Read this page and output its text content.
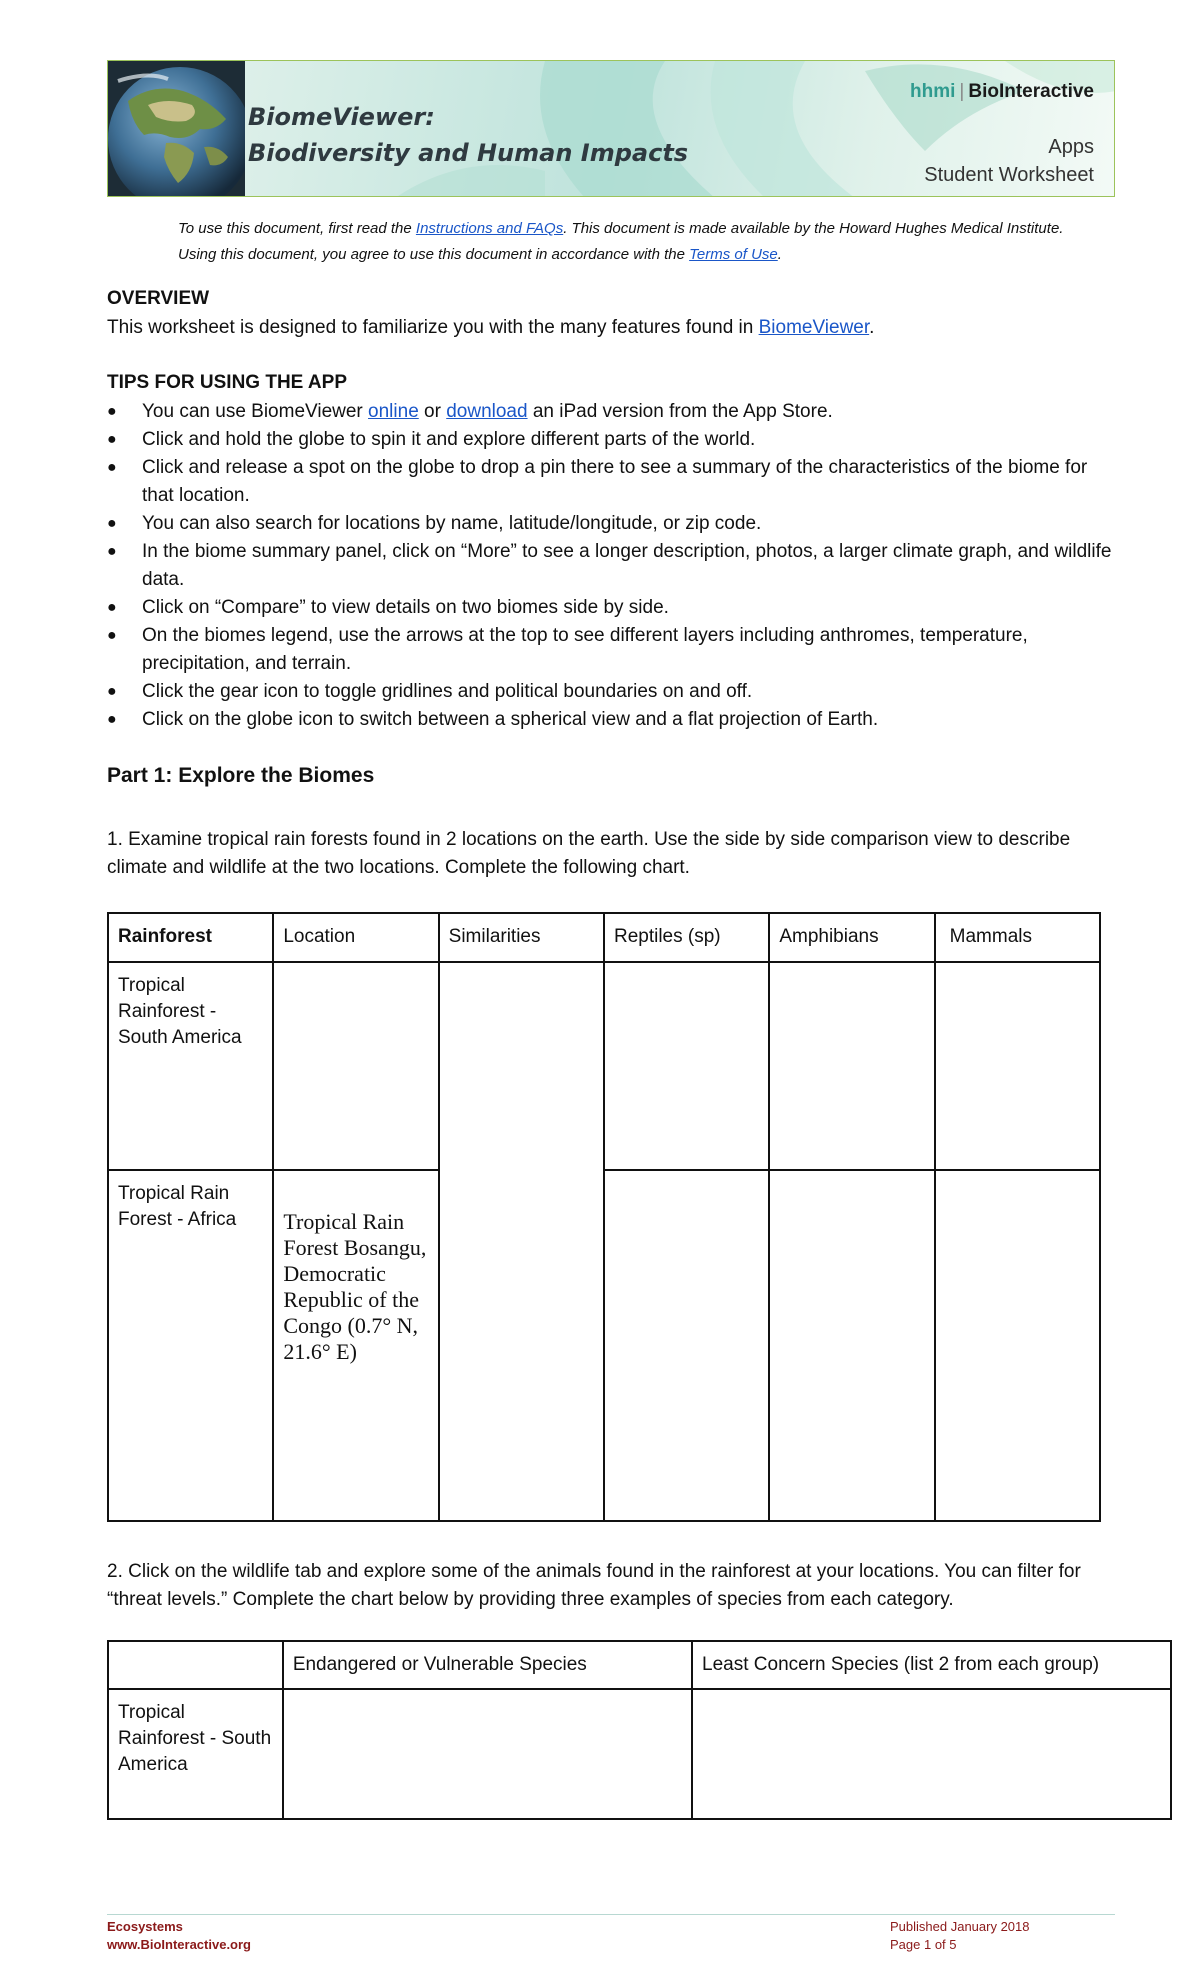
BiomeViewer:
Biodiversity and Human Impacts
hhmi | BioInteractive
Apps
Student Worksheet
To use this document, first read the Instructions and FAQs. This document is made available by the Howard Hughes Medical Institute. Using this document, you agree to use this document in accordance with the Terms of Use.
OVERVIEW
This worksheet is designed to familiarize you with the many features found in BiomeViewer.
TIPS FOR USING THE APP
● You can use BiomeViewer online or download an iPad version from the App Store.
● Click and hold the globe to spin it and explore different parts of the world.
● Click and release a spot on the globe to drop a pin there to see a summary of the characteristics of the biome for that location.
● You can also search for locations by name, latitude/longitude, or zip code.
● In the biome summary panel, click on “More” to see a longer description, photos, a larger climate graph, and wildlife data.
● Click on “Compare” to view details on two biomes side by side.
● On the biomes legend, use the arrows at the top to see different layers including anthromes, temperature, precipitation, and terrain.
● Click the gear icon to toggle gridlines and political boundaries on and off.
● Click on the globe icon to switch between a spherical view and a flat projection of Earth.
Part 1: Explore the Biomes
1. Examine tropical rain forests found in 2 locations on the earth. Use the side by side comparison view to describe climate and wildlife at the two locations. Complete the following chart.
Rainforest	Location	Similarities	Reptiles (sp)	Amphibians	Mammals
Tropical Rainforest - South America					
Tropical Rain Forest - Africa	Tropical Rain Forest Bosangu, Democratic Republic of the Congo (0.7° N, 21.6° E)				
2. Click on the wildlife tab and explore some of the animals found in the rainforest at your locations. You can filter for “threat levels.” Complete the chart below by providing three examples of species from each category.
	Endangered or Vulnerable Species	Least Concern Species (list 2 from each group)
Tropical Rainforest - South America		
Ecosystems
www.BioInteractive.org
Published January 2018
Page 1 of 5
